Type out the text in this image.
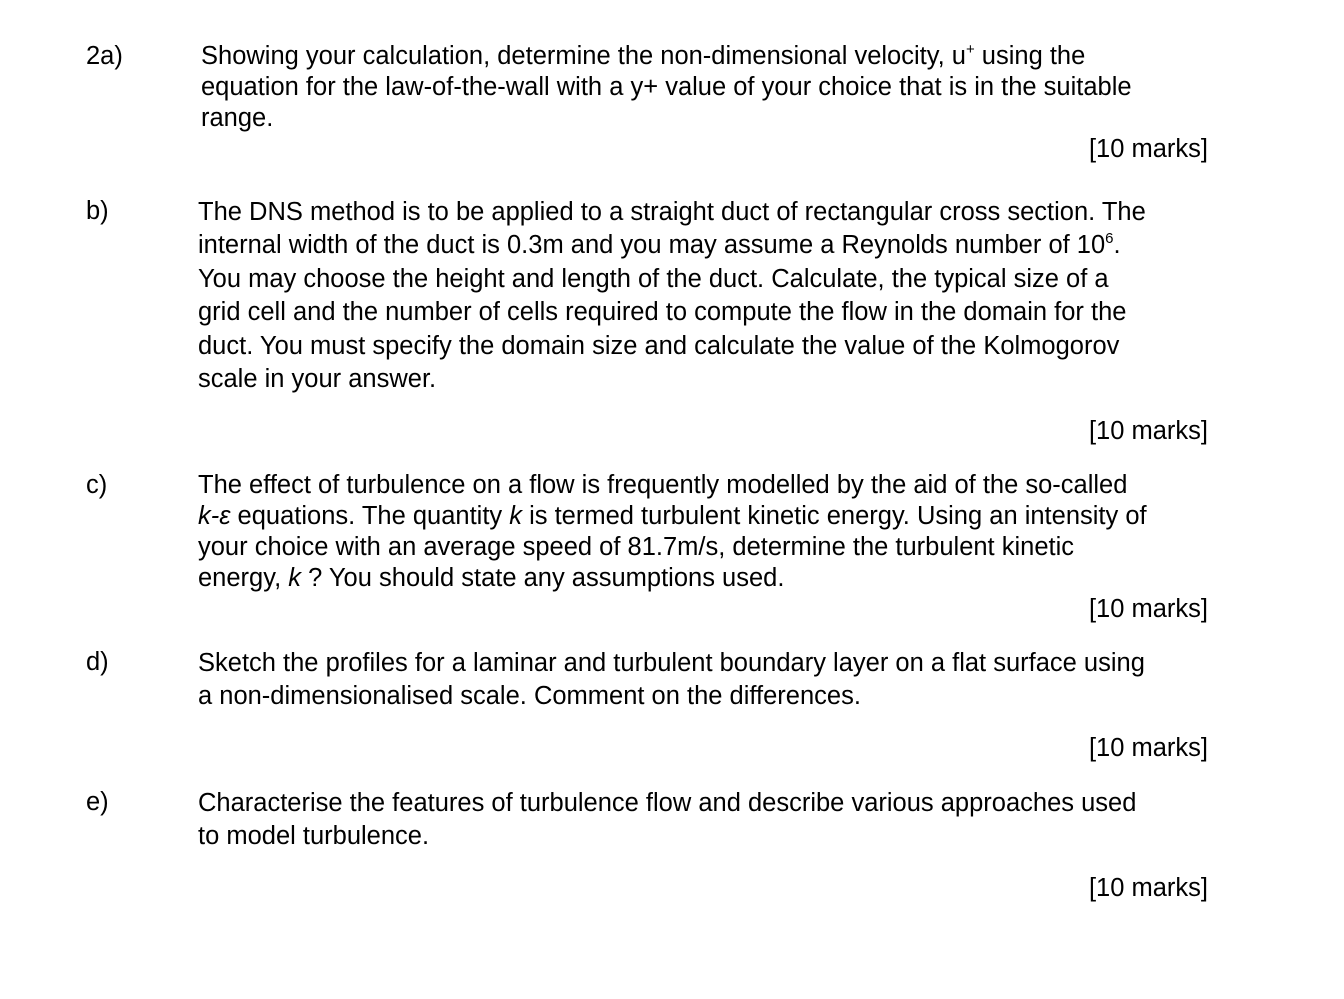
2a)	Showing your calculation, determine the non-dimensional velocity, u+ using the
equation for the law-of-the-wall with a y+ value of your choice that is in the suitable
range.
[10 marks]
b)	The DNS method is to be applied to a straight duct of rectangular cross section. The
internal width of the duct is 0.3m and you may assume a Reynolds number of $10^6$.
You may choose the height and length of the duct. Calculate, the typical size of a
grid cell and the number of cells required to compute the flow in the domain for the
duct. You must specify the domain size and calculate the value of the Kolmogorov
scale in your answer.
[10 marks]
c)	The effect of turbulence on a flow is frequently modelled by the aid of the so-called
k-ε equations. The quantity k is termed turbulent kinetic energy. Using an intensity of
your choice with an average speed of 81.7m/s, determine the turbulent kinetic
energy, k ? You should state any assumptions used.
[10 marks]
d)	Sketch the profiles for a laminar and turbulent boundary layer on a flat surface using
a non-dimensionalised scale. Comment on the differences.
[10 marks]
e)	Characterise the features of turbulence flow and describe various approaches used
to model turbulence.
[10 marks]
